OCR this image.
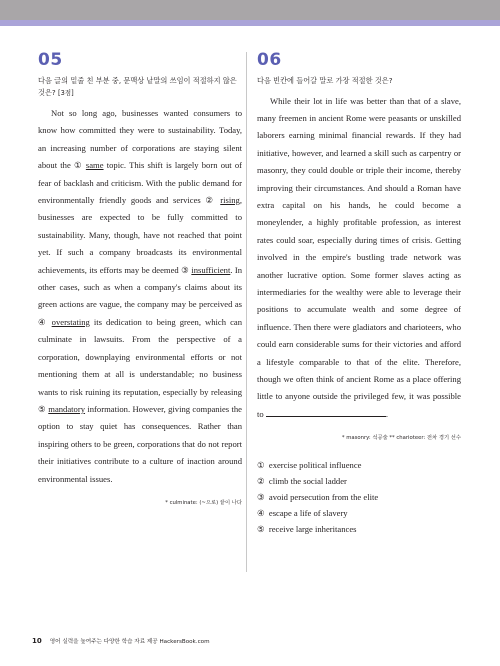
05
다음 글의 밑줄 친 부분 중, 문맥상 낱말의 쓰임이 적절하지 않은 것은? [3점]

Not so long ago, businesses wanted consumers to know how committed they were to sustainability. Today, an increasing number of corporations are staying silent about the ① same topic. This shift is largely born out of fear of backlash and criticism. With the public demand for environmentally friendly goods and services ② rising, businesses are expected to be fully committed to sustainability. Many, though, have not reached that point yet. If such a company broadcasts its environmental achievements, its efforts may be deemed ③ insufficient. In other cases, such as when a company's claims about its green actions are vague, the company may be perceived as ④ overstating its dedication to being green, which can culminate in lawsuits. From the perspective of a corporation, downplaying environmental efforts or not mentioning them at all is understandable; no business wants to risk ruining its reputation, especially by releasing ⑤ mandatory information. However, giving companies the option to stay quiet has consequences. Rather than inspiring others to be green, corporations that do not report their initiatives contribute to a culture of inaction around environmental issues.

* culminate: (~으로) 끝이 나다
06
다음 빈칸에 들어갈 말로 가장 적절한 것은?

While their lot in life was better than that of a slave, many freemen in ancient Rome were peasants or unskilled laborers earning minimal financial rewards. If they had initiative, however, and learned a skill such as carpentry or masonry, they could double or triple their income, thereby improving their circumstances. And should a Roman have extra capital on his hands, he could become a moneylender, a highly profitable profession, as interest rates could soar, especially during times of crisis. Getting involved in the empire's bustling trade network was another lucrative option. Some former slaves acting as intermediaries for the wealthy were able to leverage their positions to accumulate wealth and some degree of influence. Then there were gladiators and charioteers, who could earn considerable sums for their victories and afford a lifestyle comparable to that of the elite. Therefore, though we often think of ancient Rome as a place offering little to anyone outside the privileged few, it was possible to	.

* masonry: 석공술 ** charioteer: 전차 경기 선수
① exercise political influence
② climb the social ladder
③ avoid persecution from the elite
④ escape a life of slavery
⑤ receive large inheritances
10 영어 실력을 높여주는 다양한 학습 자료 제공 HackersBook.com
